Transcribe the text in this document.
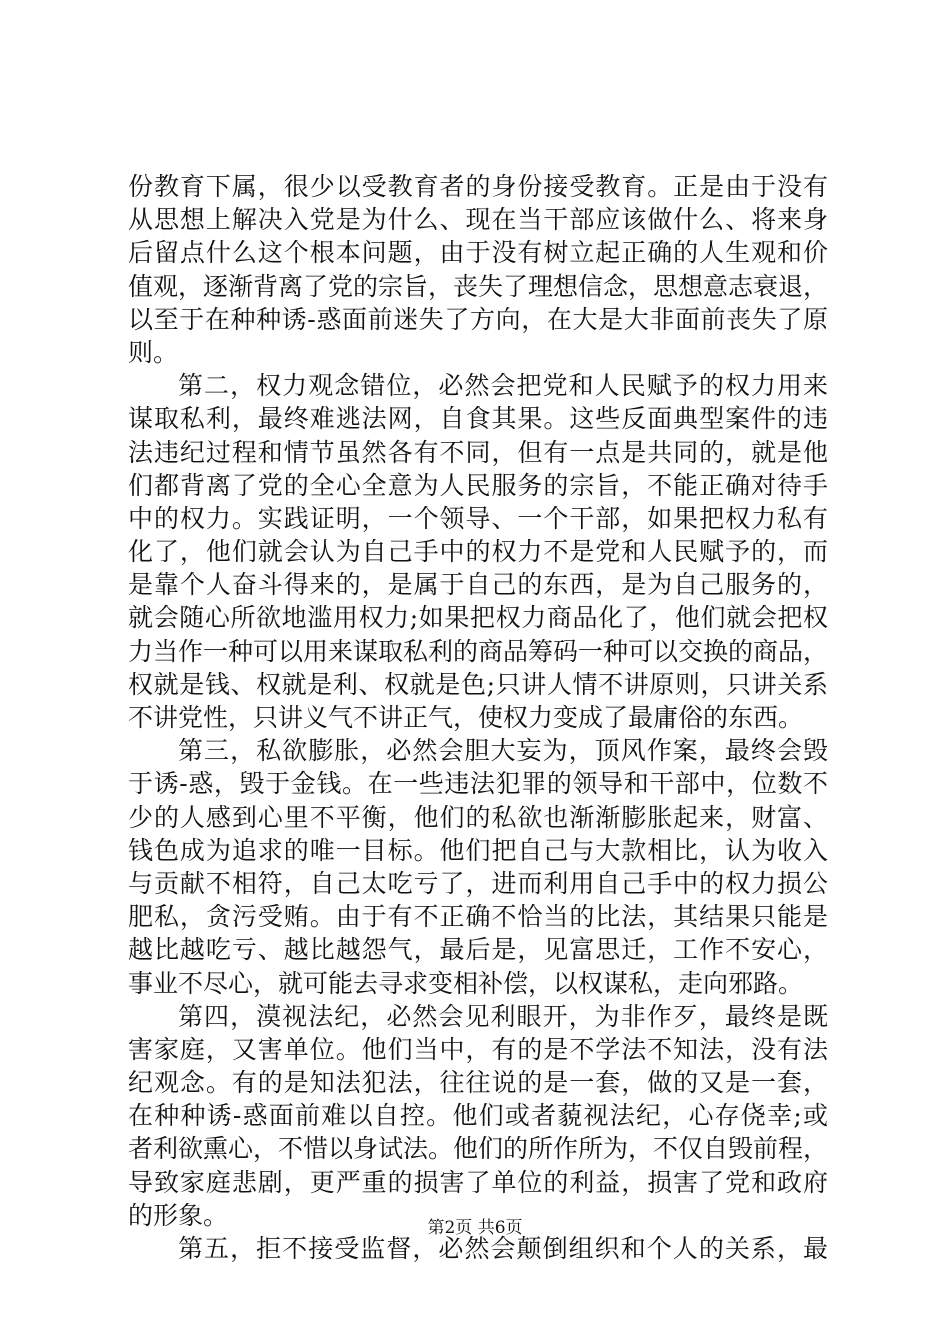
份教育下属，很少以受教育者的身份接受教育。正是由于没有
从思想上解决入党是为什么、现在当干部应该做什么、将来身
后留点什么这个根本问题，由于没有树立起正确的人生观和价
值观，逐渐背离了党的宗旨，丧失了理想信念，思想意志衰退，
以至于在种种诱-惑面前迷失了方向，在大是大非面前丧失了原
则。
第二，权力观念错位，必然会把党和人民赋予的权力用来
谋取私利，最终难逃法网，自食其果。这些反面典型案件的违
法违纪过程和情节虽然各有不同，但有一点是共同的，就是他
们都背离了党的全心全意为人民服务的宗旨，不能正确对待手
中的权力。实践证明，一个领导、一个干部，如果把权力私有
化了，他们就会认为自己手中的权力不是党和人民赋予的，而
是靠个人奋斗得来的，是属于自己的东西，是为自己服务的，
就会随心所欲地滥用权力;如果把权力商品化了，他们就会把权
力当作一种可以用来谋取私利的商品筹码一种可以交换的商品，
权就是钱、权就是利、权就是色;只讲人情不讲原则，只讲关系
不讲党性，只讲义气不讲正气，使权力变成了最庸俗的东西。
第三，私欲膨胀，必然会胆大妄为，顶风作案，最终会毁
于诱-惑，毁于金钱。在一些违法犯罪的领导和干部中，位数不
少的人感到心里不平衡，他们的私欲也渐渐膨胀起来，财富、
钱色成为追求的唯一目标。他们把自己与大款相比，认为收入
与贡献不相符，自己太吃亏了，进而利用自己手中的权力损公
肥私，贪污受贿。由于有不正确不恰当的比法，其结果只能是
越比越吃亏、越比越怨气，最后是，见富思迁，工作不安心，
事业不尽心，就可能去寻求变相补偿，以权谋私，走向邪路。
第四，漠视法纪，必然会见利眼开，为非作歹，最终是既
害家庭，又害单位。他们当中，有的是不学法不知法，没有法
纪观念。有的是知法犯法，往往说的是一套，做的又是一套，
在种种诱-惑面前难以自控。他们或者藐视法纪，心存侥幸;或
者利欲熏心，不惜以身试法。他们的所作所为，不仅自毁前程，
导致家庭悲剧，更严重的损害了单位的利益，损害了党和政府
的形象。
第五，拒不接受监督，必然会颠倒组织和个人的关系，最
第2页 共6页
